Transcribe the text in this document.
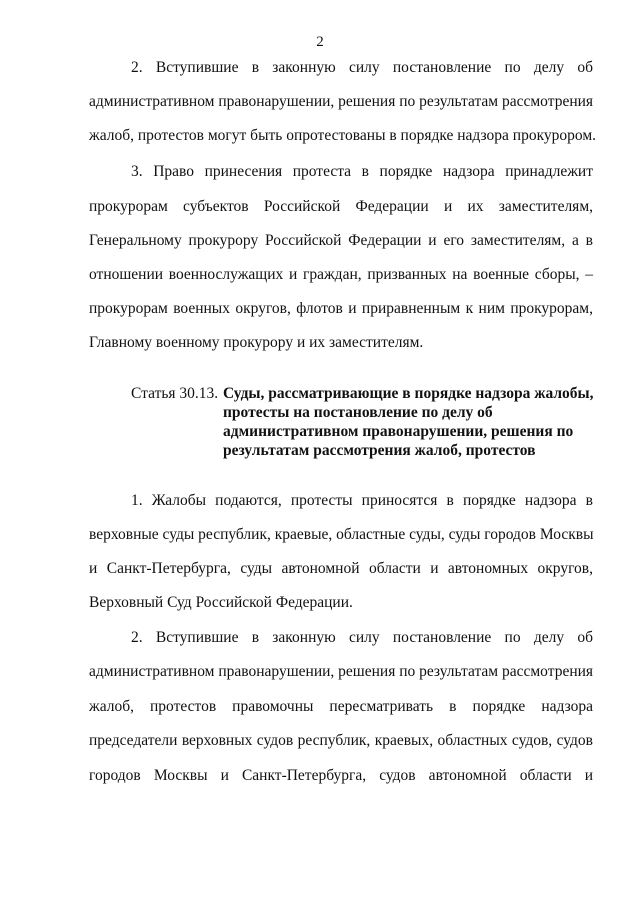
2
2. Вступившие в законную силу постановление по делу об
административном правонарушении, решения по результатам рассмотрения
жалоб, протестов могут быть опротестованы в порядке надзора прокурором.
3. Право принесения протеста в порядке надзора принадлежит
прокурорам субъектов Российской Федерации и их заместителям,
Генеральному прокурору Российской Федерации и его заместителям, а в
отношении военнослужащих и граждан, призванных на военные сборы, –
прокурорам военных округов, флотов и приравненным к ним прокурорам,
Главному военному прокурору и их заместителям.
Статья 30.13. Суды, рассматривающие в порядке надзора жалобы,
протесты на постановление по делу об
административном правонарушении, решения по
результатам рассмотрения жалоб, протестов
1. Жалобы подаются, протесты приносятся в порядке надзора в
верховные суды республик, краевые, областные суды, суды городов Москвы
и Санкт-Петербурга, суды автономной области и автономных округов,
Верховный Суд Российской Федерации.
2. Вступившие в законную силу постановление по делу об
административном правонарушении, решения по результатам рассмотрения
жалоб, протестов правомочны пересматривать в порядке надзора
председатели верховных судов республик, краевых, областных судов, судов
городов Москвы и Санкт-Петербурга, судов автономной области и
